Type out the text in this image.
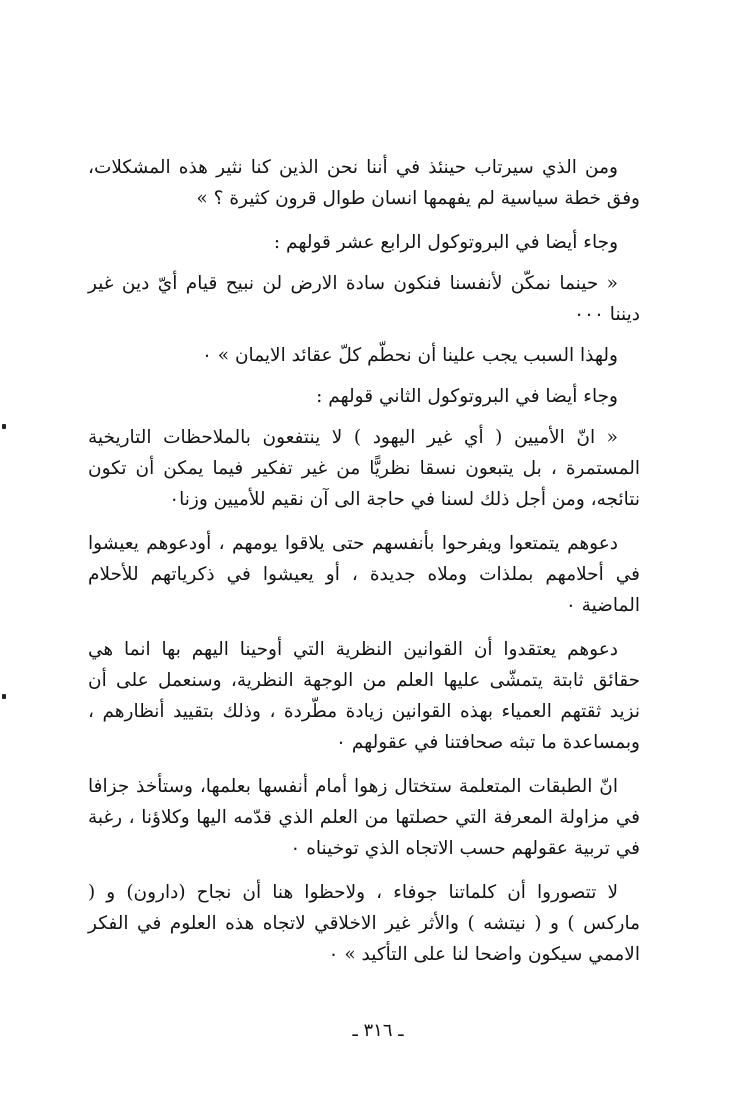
ومن الذي سيرتاب حينئذ في أننا نحن الذين كنا نثير هذه المشكلات، وفق خطة سياسية لم يفهمها انسان طوال قرون كثيرة ؟ »

وجاء أيضا في البروتوكول الرابع عشر قولهم :

« حينما نمكّن لأنفسنا فنكون سادة الارض لن نبيح قيام أيّ دين غير ديننا ٠٠٠

ولهذا السبب يجب علينا أن نحطّم كلّ عقائد الايمان » ٠

وجاء أيضا في البروتوكول الثاني قولهم :

« انّ الأميين ( أي غير اليهود ) لا ينتفعون بالملاحظات التاريخية المستمرة ، بل يتبعون نسقا نظريًّا من غير تفكير فيما يمكن أن تكون نتائجه، ومن أجل ذلك لسنا في حاجة الى آن نقيم للأميين وزنا٠

دعوهم يتمتعوا ويفرحوا بأنفسهم حتى يلاقوا يومهم ، أودعوهم يعيشوا في أحلامهم بملذات وملاه جديدة ، أو يعيشوا في ذكرياتهم للأحلام الماضية ٠

دعوهم يعتقدوا أن القوانين النظرية التي أوحينا اليهم بها انما هي حقائق ثابتة يتمشّى عليها العلم من الوجهة النظرية، وسنعمل على أن نزيد ثقتهم العمياء بهذه القوانين زيادة مطّردة ، وذلك بتقييد أنظارهم ، وبمساعدة ما تبثه صحافتنا في عقولهم ٠

انّ الطبقات المتعلمة ستختال زهوا أمام أنفسها بعلمها، وستأخذ جزافا في مزاولة المعرفة التي حصلتها من العلم الذي قدّمه اليها وكلاؤنا ، رغبة في تربية عقولهم حسب الاتجاه الذي توخيناه ٠

لا تتصوروا أن كلماتنا جوفاء ، ولاحظوا هنا أن نجاح (دارون) و ( ماركس ) و ( نيتشه ) والأثر غير الاخلاقي لاتجاه هذه العلوم في الفكر الاممي سيكون واضحا لنا على التأكيد » ٠

ـ ٣١٦ ـ
